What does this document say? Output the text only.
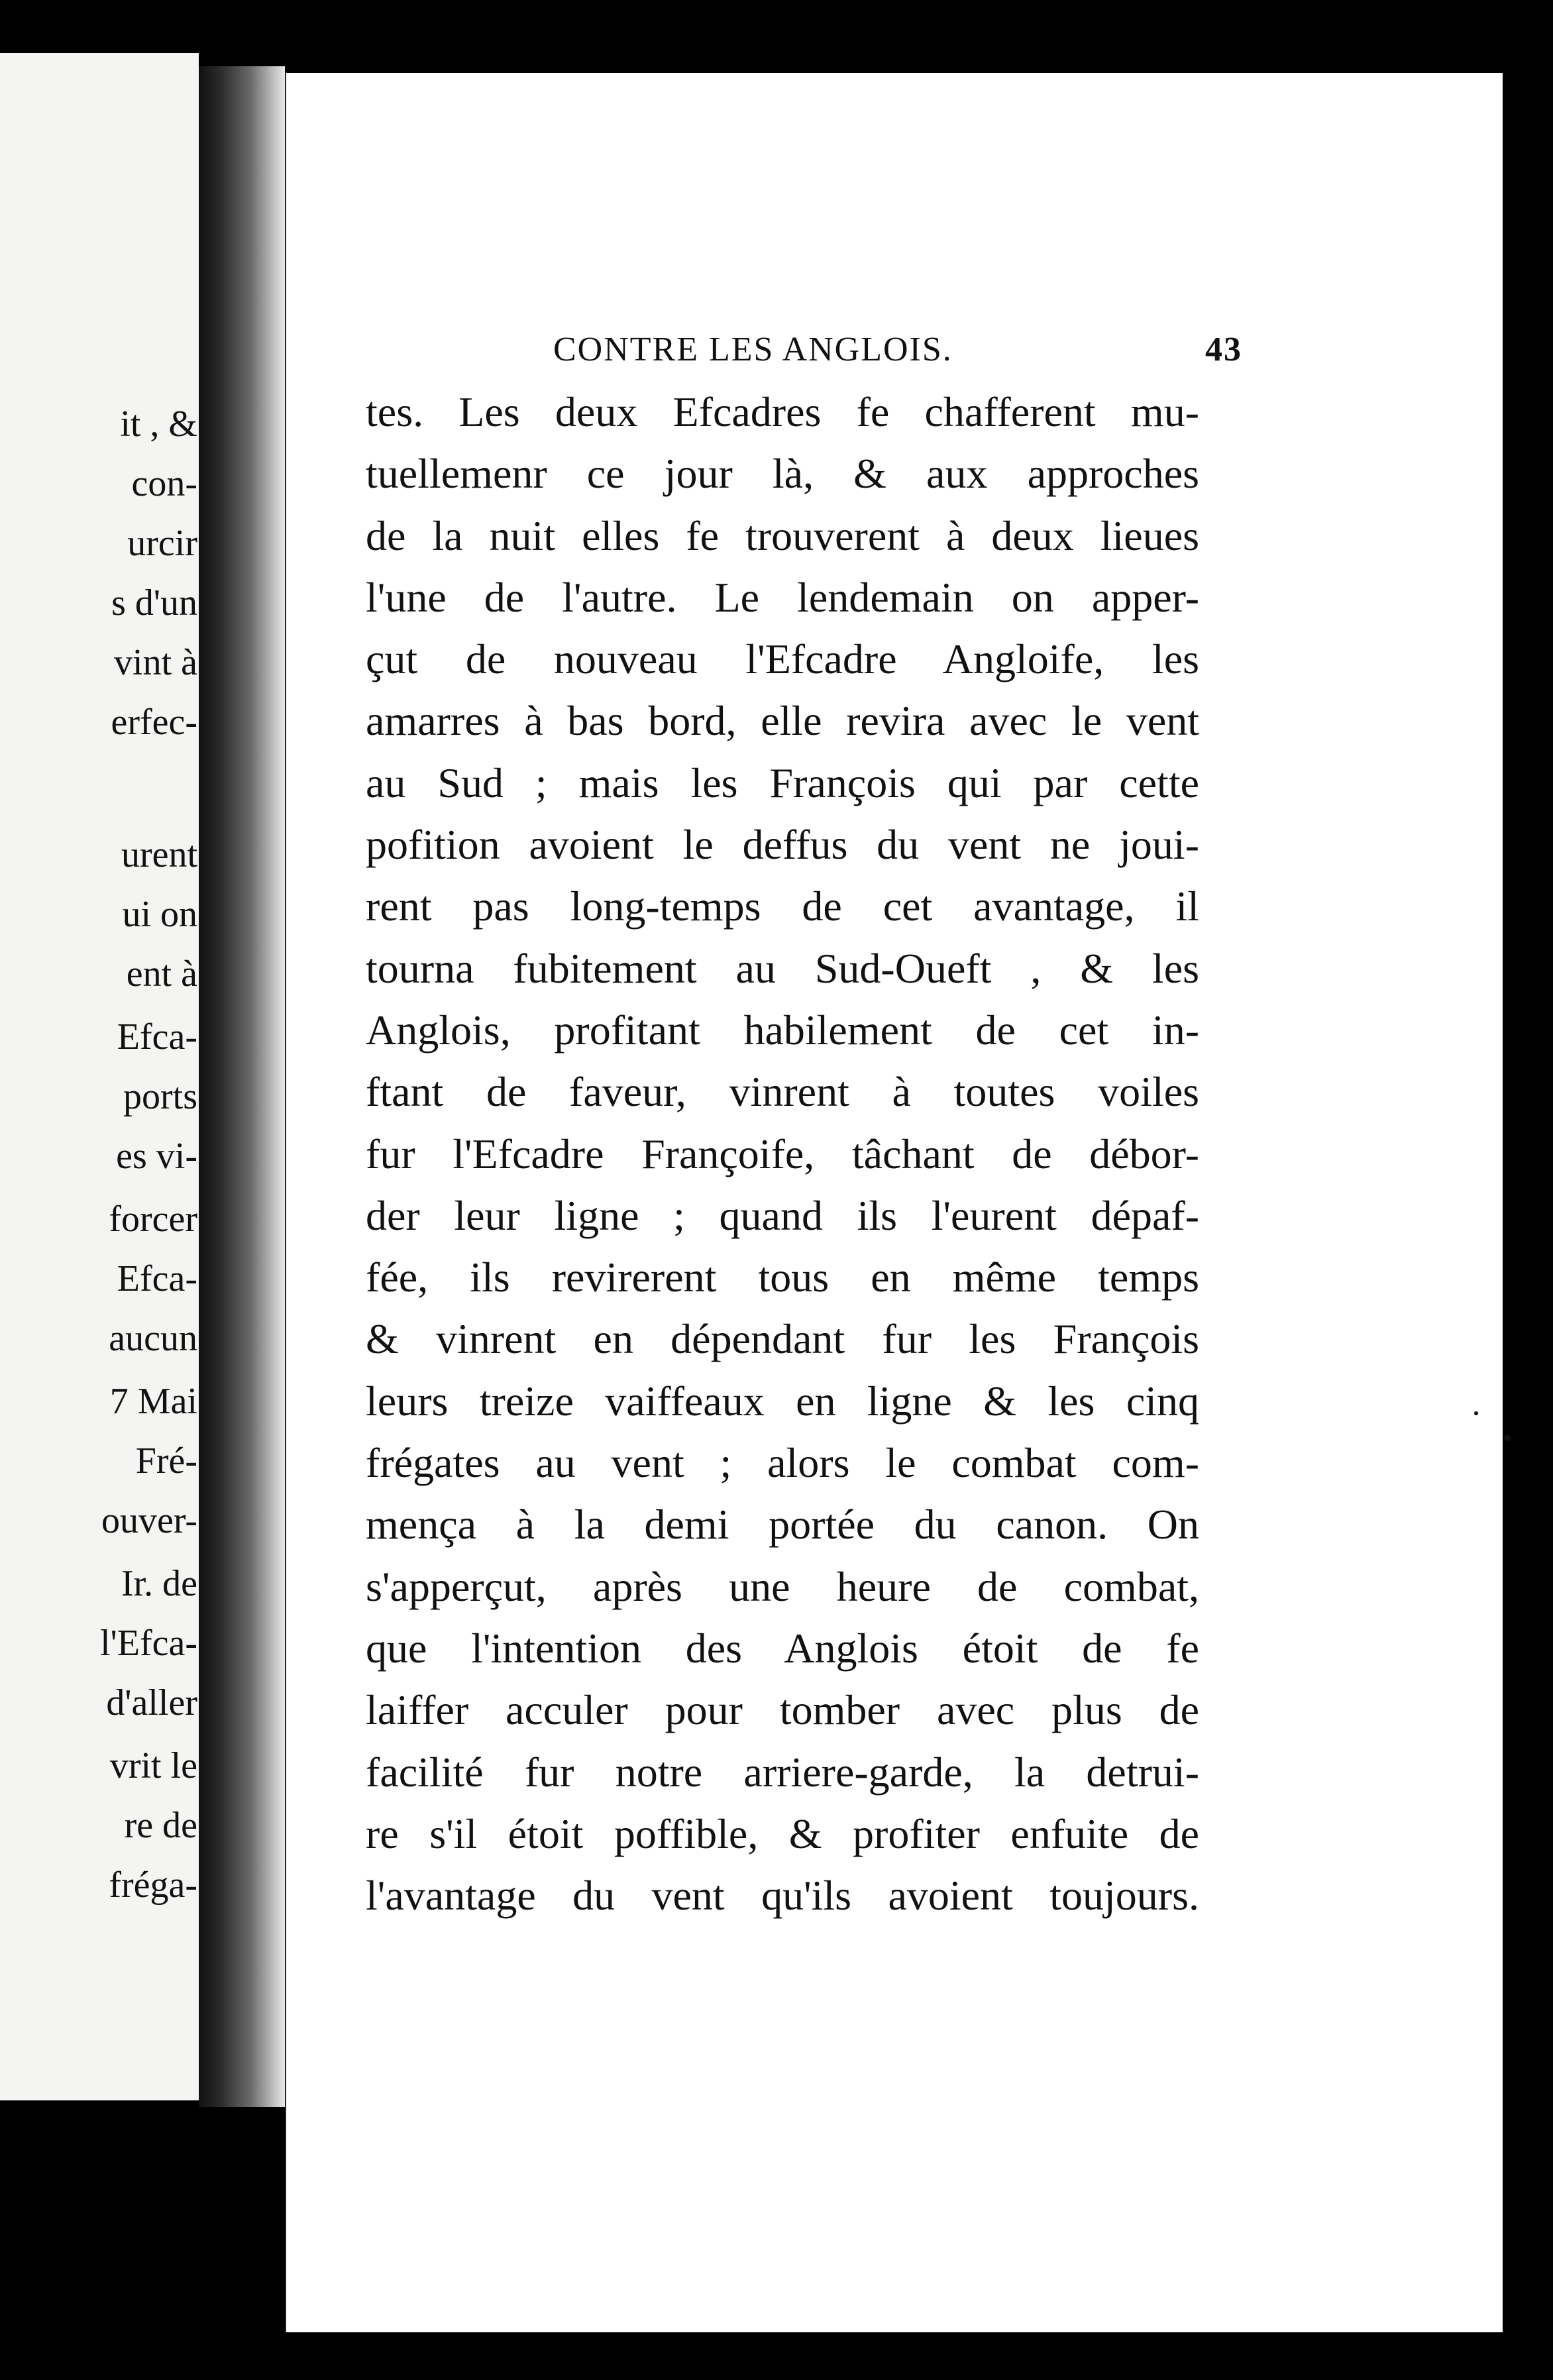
it , &
con-
urcir
s d'un
vint à
erfec-
urent
ui on
ent à
Efca-
ports
es vi-
forcer
Efca-
aucun
7 Mai
Fré-
ouver-
Ir. de
l'Efca-
d'aller
vrit le
re de
fréga-
CONTRE LES ANGLOIS.	43
tes. Les deux Efcadres fe chafferent mu-
tuellemenr ce jour là, & aux approches
de la nuit elles fe trouverent à deux lieues
l'une de l'autre. Le lendemain on apper-
çut de nouveau l'Efcadre Angloife, les
amarres à bas bord, elle revira avec le vent
au Sud ; mais les François qui par cette
pofition avoient le deffus du vent ne joui-
rent pas long-temps de cet avantage, il
tourna fubitement au Sud-Oueft , & les
Anglois, profitant habilement de cet in-
ftant de faveur, vinrent à toutes voiles
fur l'Efcadre Françoife, tâchant de débor-
der leur ligne ; quand ils l'eurent dépaf-
fée, ils revirerent tous en même temps
& vinrent en dépendant fur les François
leurs treize vaiffeaux en ligne & les cinq
frégates au vent ; alors le combat com-
mença à la demi portée du canon. On
s'apperçut, après une heure de combat,
que l'intention des Anglois étoit de fe
laiffer acculer pour tomber avec plus de
facilité fur notre arriere-garde, la detrui-
re s'il étoit poffible, & profiter enfuite de
l'avantage du vent qu'ils avoient toujours.
